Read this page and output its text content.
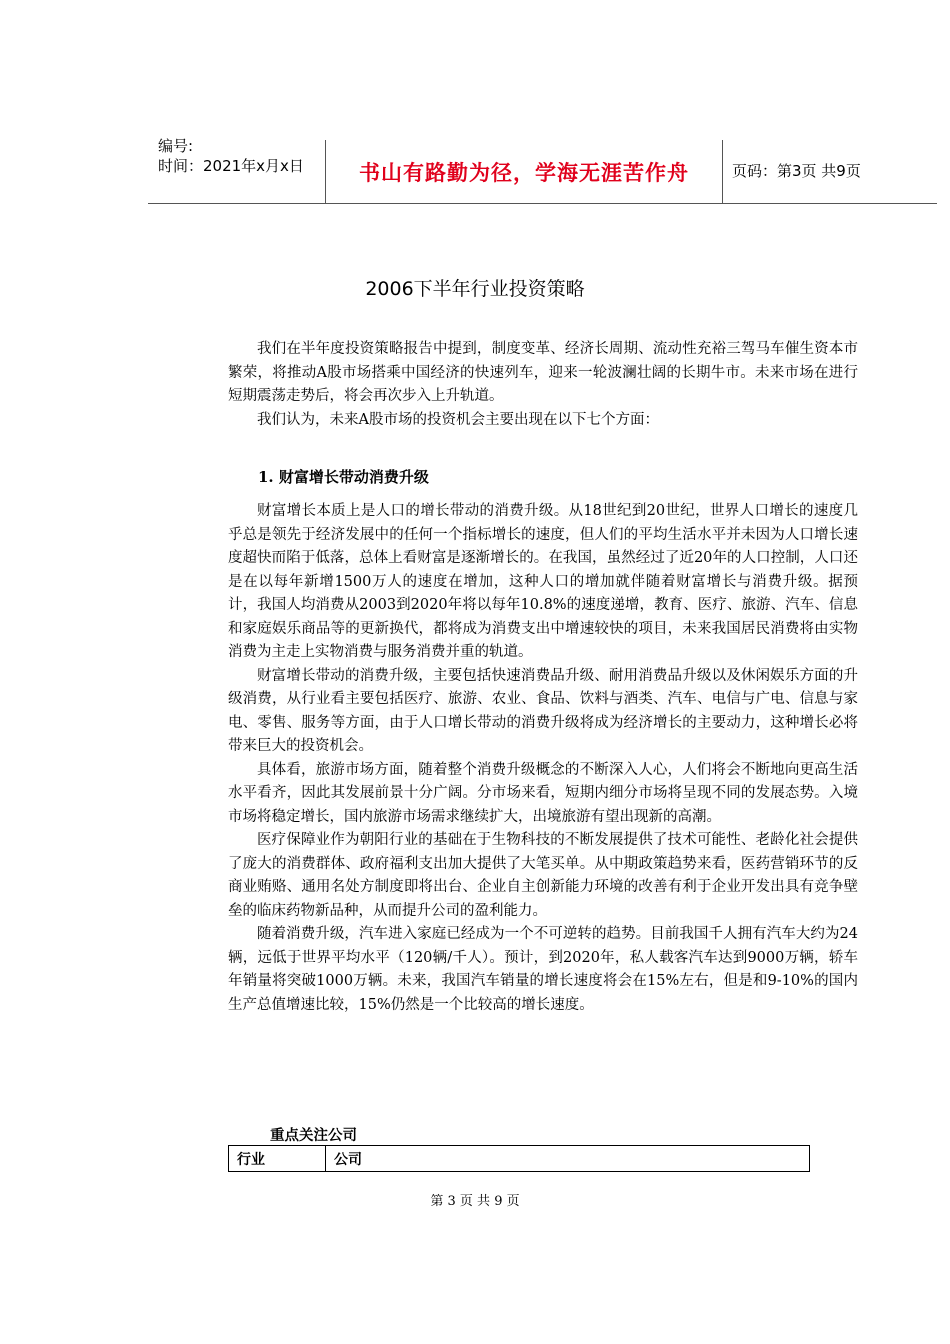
编号:
时间：2021年x月x日	书山有路勤为径，学海无涯苦作舟	页码：第3页 共9页
2006下半年行业投资策略

我们在半年度投资策略报告中提到，制度变革、经济长周期、流动性充裕三驾马车催生资本市繁荣，将推动A股市场搭乘中国经济的快速列车，迎来一轮波澜壮阔的长期牛市。未来市场在进行短期震荡走势后，将会再次步入上升轨道。

我们认为，未来A股市场的投资机会主要出现在以下七个方面：

1. 财富增长带动消费升级

财富增长本质上是人口的增长带动的消费升级。从18世纪到20世纪，世界人口增长的速度几乎总是领先于经济发展中的任何一个指标增长的速度，但人们的平均生活水平并未因为人口增长速度超快而陷于低落，总体上看财富是逐渐增长的。在我国，虽然经过了近20年的人口控制，人口还是在以每年新增1500万人的速度在增加，这种人口的增加就伴随着财富增长与消费升级。据预计，我国人均消费从2003到2020年将以每年10.8%的速度递增，教育、医疗、旅游、汽车、信息和家庭娱乐商品等的更新换代，都将成为消费支出中增速较快的项目，未来我国居民消费将由实物消费为主走上实物消费与服务消费并重的轨道。

财富增长带动的消费升级，主要包括快速消费品升级、耐用消费品升级以及休闲娱乐方面的升级消费，从行业看主要包括医疗、旅游、农业、食品、饮料与酒类、汽车、电信与广电、信息与家电、零售、服务等方面，由于人口增长带动的消费升级将成为经济增长的主要动力，这种增长必将带来巨大的投资机会。

具体看，旅游市场方面，随着整个消费升级概念的不断深入人心，人们将会不断地向更高生活水平看齐，因此其发展前景十分广阔。分市场来看，短期内细分市场将呈现不同的发展态势。入境市场将稳定增长，国内旅游市场需求继续扩大，出境旅游有望出现新的高潮。

医疗保障业作为朝阳行业的基础在于生物科技的不断发展提供了技术可能性、老龄化社会提供了庞大的消费群体、政府福利支出加大提供了大笔买单。从中期政策趋势来看，医药营销环节的反商业贿赂、通用名处方制度即将出台、企业自主创新能力环境的改善有利于企业开发出具有竞争壁垒的临床药物新品种，从而提升公司的盈利能力。

随着消费升级，汽车进入家庭已经成为一个不可逆转的趋势。目前我国千人拥有汽车大约为24辆，远低于世界平均水平（120辆/千人）。预计，到2020年，私人载客汽车达到9000万辆，轿车年销量将突破1000万辆。未来，我国汽车销量的增长速度将会在15%左右，但是和9-10%的国内生产总值增速比较，15%仍然是一个比较高的增长速度。

重点关注公司
行业	公司
第 3 页 共 9 页
